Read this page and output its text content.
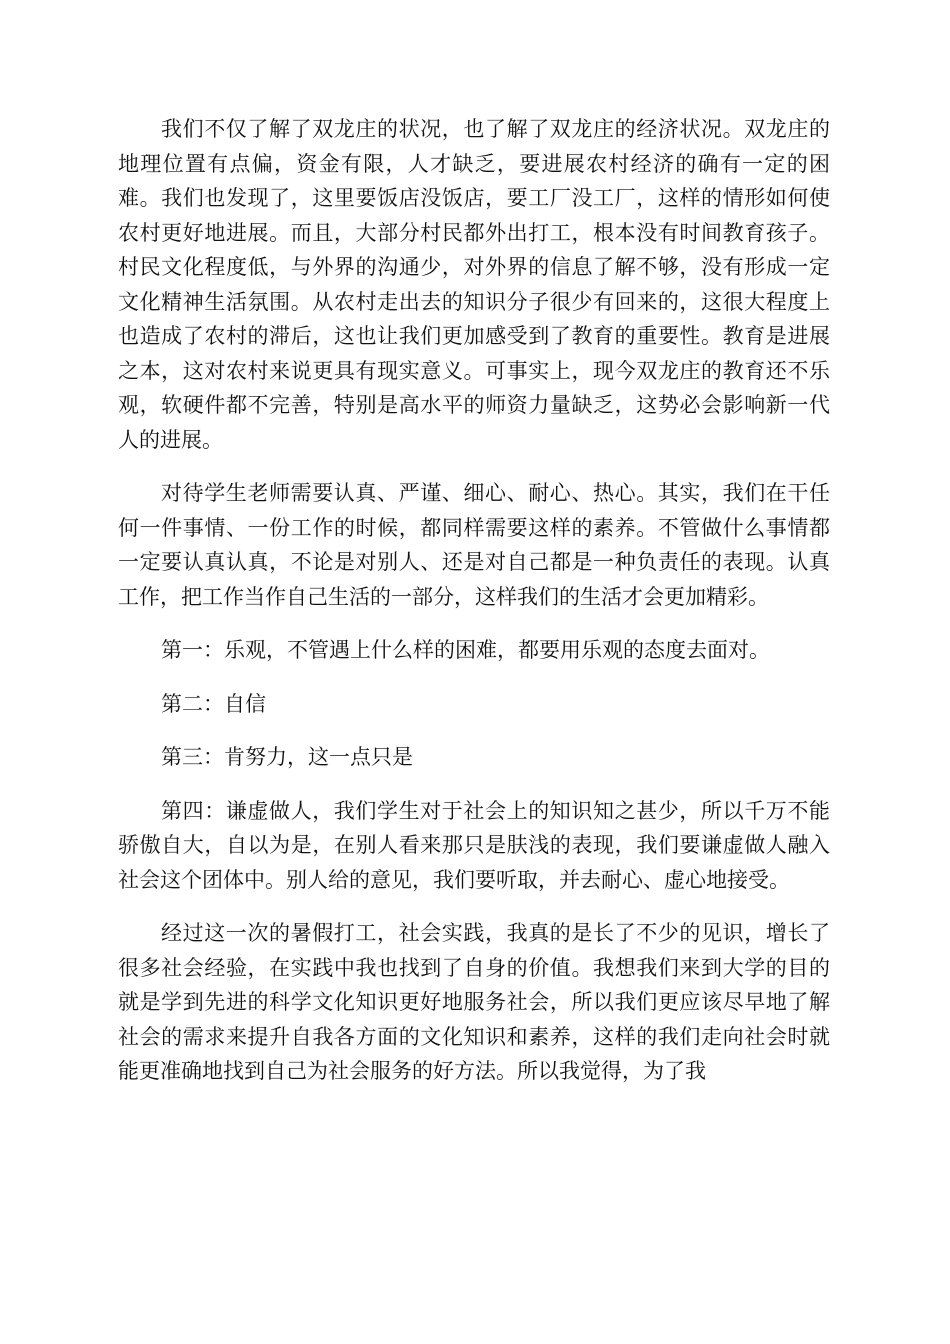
我们不仅了解了双龙庄的状况，也了解了双龙庄的经济状况。双龙庄的地理位置有点偏，资金有限，人才缺乏，要进展农村经济的确有一定的困难。我们也发现了，这里要饭店没饭店，要工厂没工厂，这样的情形如何使农村更好地进展。而且，大部分村民都外出打工，根本没有时间教育孩子。村民文化程度低，与外界的沟通少，对外界的信息了解不够，没有形成一定文化精神生活氛围。从农村走出去的知识分子很少有回来的，这很大程度上也造成了农村的滞后，这也让我们更加感受到了教育的重要性。教育是进展之本，这对农村来说更具有现实意义。可事实上，现今双龙庄的教育还不乐观，软硬件都不完善，特别是高水平的师资力量缺乏，这势必会影响新一代人的进展。

对待学生老师需要认真、严谨、细心、耐心、热心。其实，我们在干任何一件事情、一份工作的时候，都同样需要这样的素养。不管做什么事情都一定要认真认真，不论是对别人、还是对自己都是一种负责任的表现。认真工作，把工作当作自己生活的一部分，这样我们的生活才会更加精彩。

第一：乐观，不管遇上什么样的困难，都要用乐观的态度去面对。

第二：自信

第三：肯努力，这一点只是

第四：谦虚做人，我们学生对于社会上的知识知之甚少，所以千万不能骄傲自大，自以为是，在别人看来那只是肤浅的表现，我们要谦虚做人融入社会这个团体中。别人给的意见，我们要听取，并去耐心、虚心地接受。

经过这一次的暑假打工，社会实践，我真的是长了不少的见识，增长了很多社会经验，在实践中我也找到了自身的价值。我想我们来到大学的目的就是学到先进的科学文化知识更好地服务社会，所以我们更应该尽早地了解社会的需求来提升自我各方面的文化知识和素养，这样的我们走向社会时就能更准确地找到自己为社会服务的好方法。所以我觉得，为了我
